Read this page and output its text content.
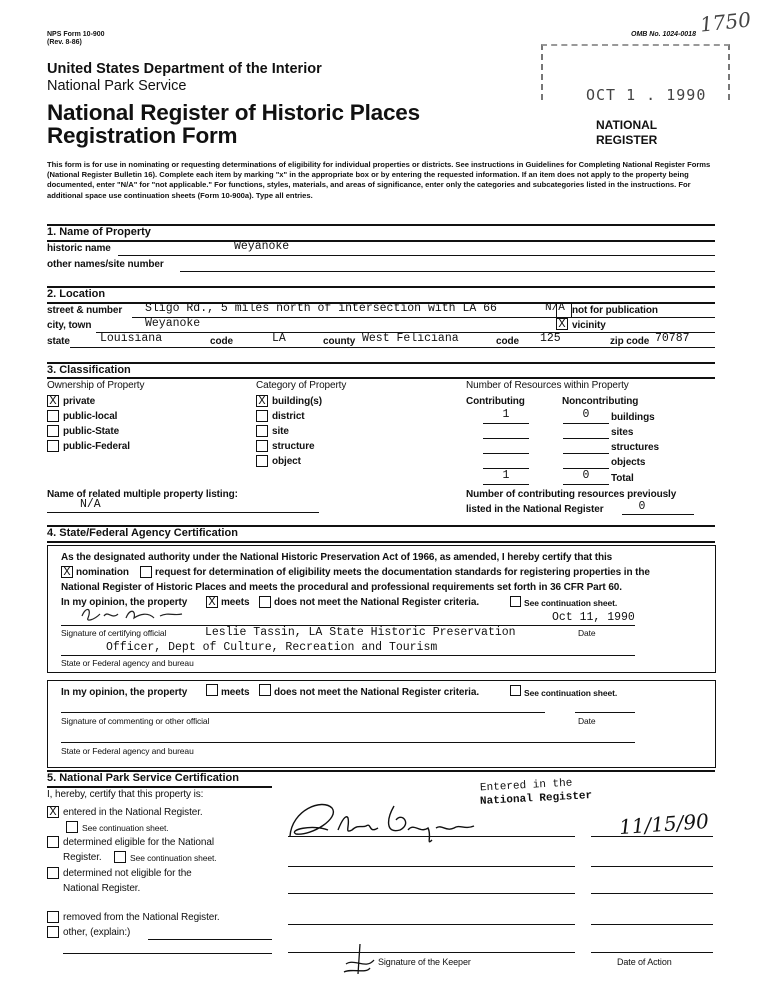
NPS Form 10-900
(Rev. 8-86)
OMB No. 1024-0018 1750
United States Department of the Interior
National Park Service
National Register of Historic Places
Registration Form
OCT 1 . 1990
NATIONAL
REGISTER
This form is for use in nominating or requesting determinations of eligibility for individual properties or districts. See instructions in Guidelines for Completing National Register Forms (National Register Bulletin 16). Complete each item by marking "x" in the appropriate box or by entering the requested information. If an item does not apply to the property being documented, enter "N/A" for "not applicable." For functions, styles, materials, and areas of significance, enter only the categories and subcategories listed in the instructions. For additional space use continuation sheets (Form 10-900a). Type all entries.
1. Name of Property
historic name	Weyanoke
other names/site number
2. Location
street & number Sligo Rd., 5 miles north of intersection with LA 66	N/A not for publication
city, town	Weyanoke	X vicinity
state	Louisiana	code	LA	county West Feliciana	code 125	zip code 70787
3. Classification
Ownership of Property
X private
public-local
public-State
public-Federal
Category of Property
X building(s)
district
site
structure
object
Number of Resources within Property
Contributing	Noncontributing
1	0	buildings
sites
structures
objects
1	0	Total
Name of related multiple property listing:
N/A
Number of contributing resources previously
listed in the National Register	0
4. State/Federal Agency Certification
As the designated authority under the National Historic Preservation Act of 1966, as amended, I hereby certify that this
X nomination	request for determination of eligibility meets the documentation standards for registering properties in the
National Register of Historic Places and meets the procedural and professional requirements set forth in 36 CFR Part 60.
In my opinion, the property X meets does not meet the National Register criteria.	See continuation sheet.
Oct 11, 1990
Signature of certifying official	Leslie Tassin, LA State Historic Preservation	Date
Officer, Dept of Culture, Recreation and Tourism
State or Federal agency and bureau
In my opinion, the property	meets does not meet the National Register criteria.	See continuation sheet.
Signature of commenting or other official	Date
State or Federal agency and bureau
5. National Park Service Certification
I, hereby, certify that this property is:
X entered in the National Register.
See continuation sheet.
determined eligible for the National
Register.	See continuation sheet.
determined not eligible for the
National Register.
removed from the National Register.
other, (explain:)
Entered in the
National Register
11/15/90
Signature of the Keeper	Date of Action
